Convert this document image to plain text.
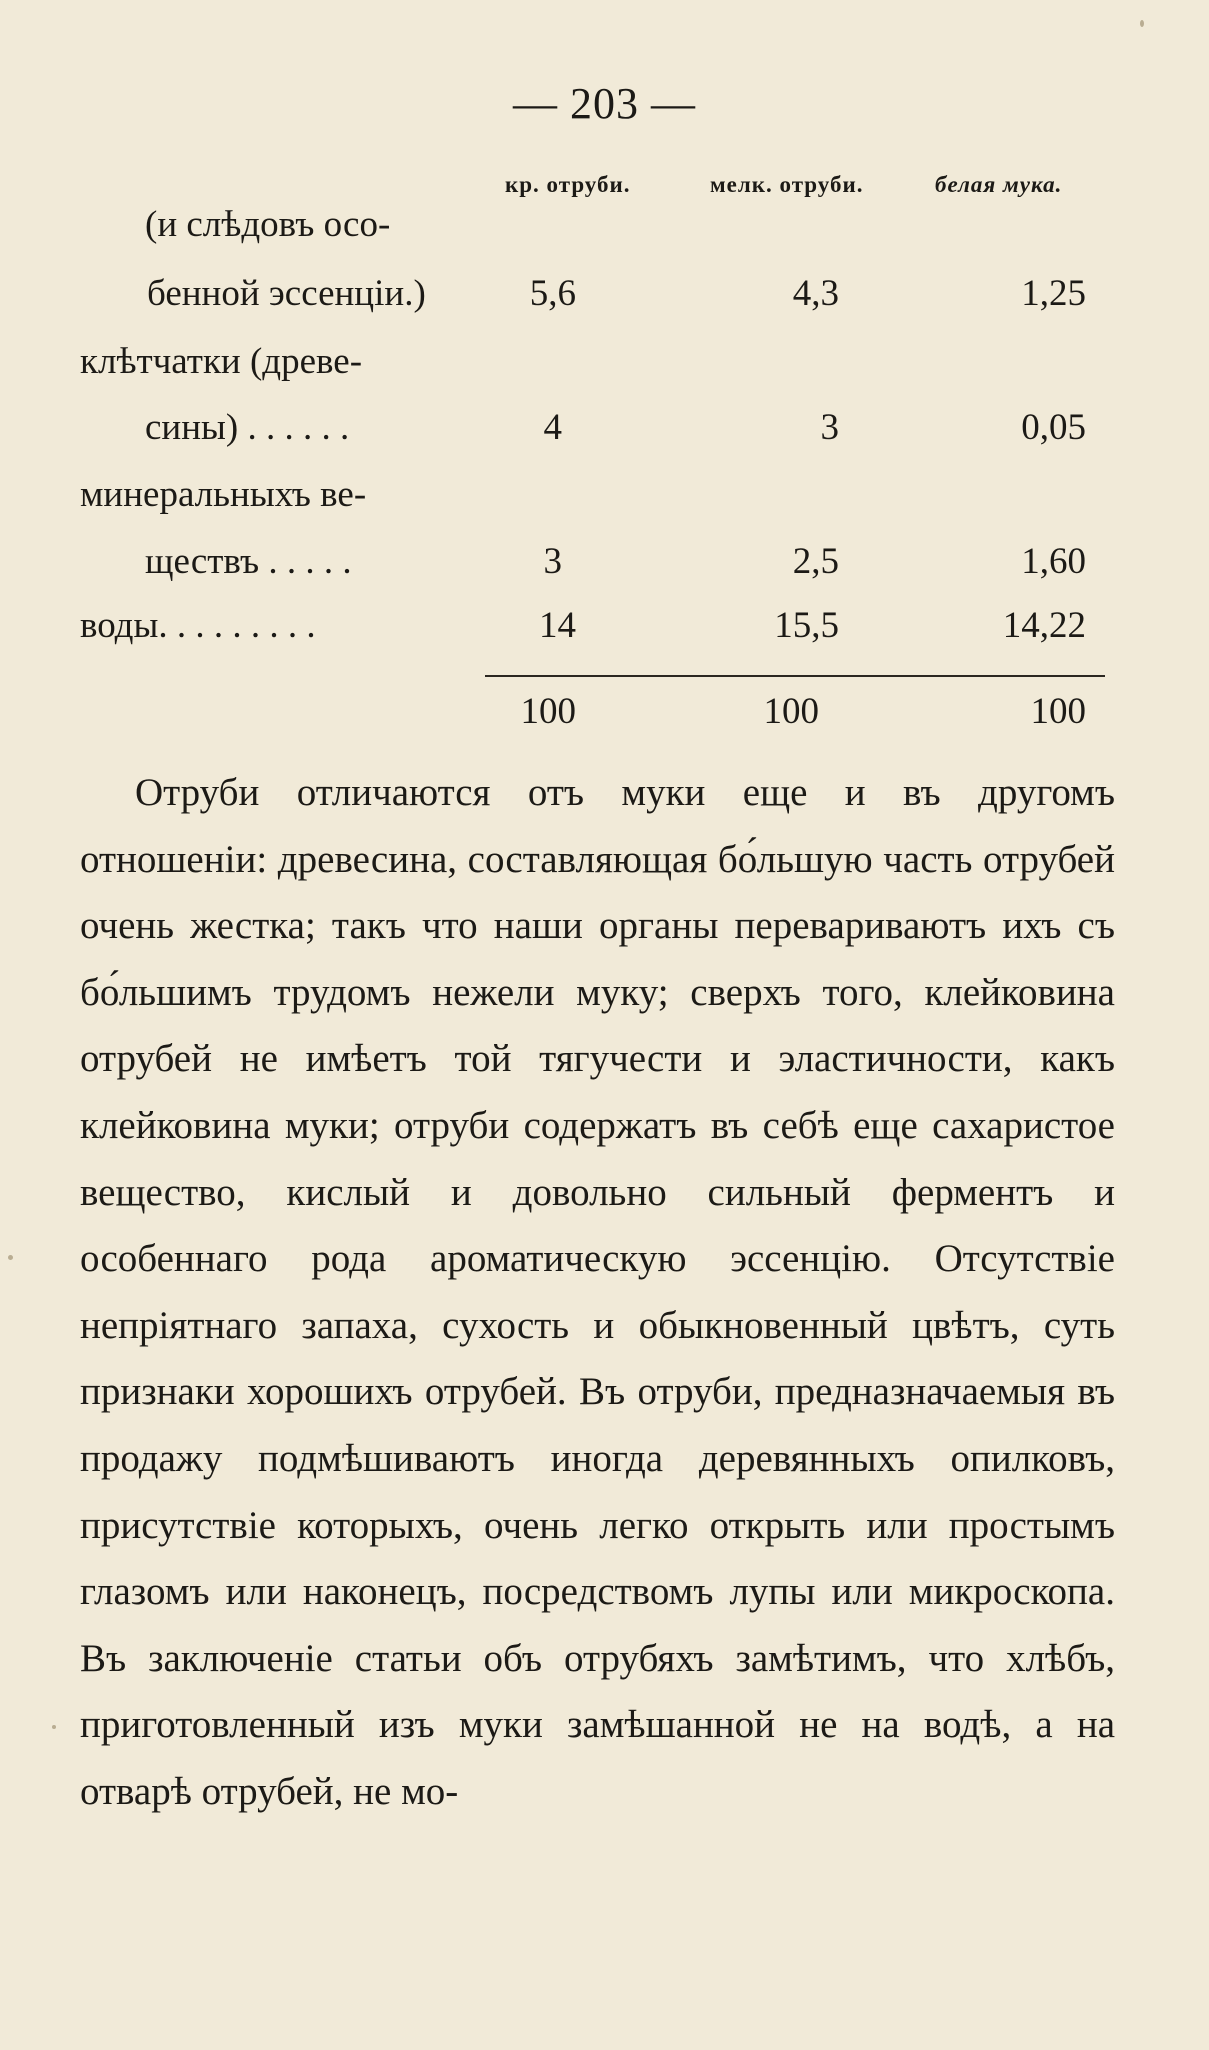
— 203 —
кр. отруби.	мелк. отруби.	белая мука.
(и слѣдовъ осо-
бенной эссенціи.)	5,6	4,3	1,25
клѣтчатки (древе-
сины) . . . . . .	4	3	0,05
минеральныхъ ве-
ществъ . . . . .	3	2,5	1,60
воды. . . . . . . . .	14	15,5	14,22
100	100	100

Отруби отличаются отъ муки еще и въ другомъ отношеніи: древесина, составляющая бо́льшую часть отрубей очень жестка; такъ что наши органы перевариваютъ ихъ съ бо́льшимъ трудомъ нежели муку; сверхъ того, клейковина отрубей не имѣетъ той тягучести и эластичности, какъ клейковина муки; отруби содержатъ въ себѣ еще сахаристое вещество, кислый и довольно сильный ферментъ и особеннаго рода ароматическую эссенцію. Отсутствіе непріятнаго запаха, сухость и обыкновенный цвѣтъ, суть признаки хорошихъ отрубей. Въ отруби, предназначаемыя въ продажу подмѣшиваютъ иногда деревянныхъ опилковъ, присутствіе которыхъ, очень легко открыть или простымъ глазомъ или наконецъ, посредствомъ лупы или микроскопа. Въ заключеніе статьи объ отрубяхъ замѣтимъ, что хлѣбъ, приготовленный изъ муки замѣшанной не на водѣ, а на отварѣ отрубей, не мо-
